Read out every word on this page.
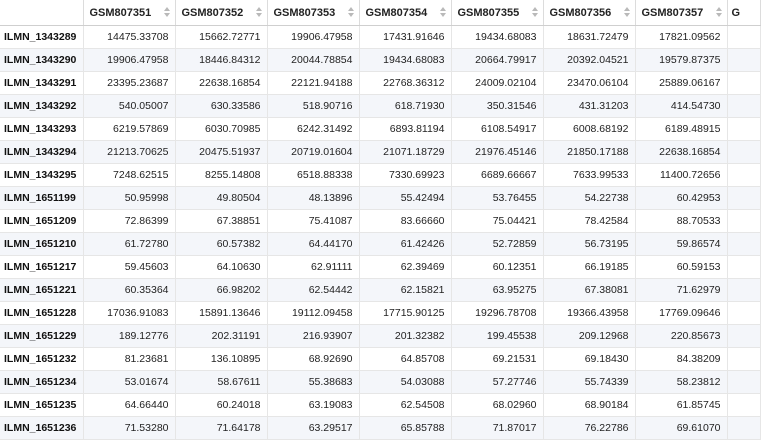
	GSM807351	GSM807352	GSM807353	GSM807354	GSM807355	GSM807356	GSM807357	G
ILMN_1343289	14475.33708	15662.72771	19906.47958	17431.91646	19434.68083	18631.72479	17821.09562	
ILMN_1343290	19906.47958	18446.84312	20044.78854	19434.68083	20664.79917	20392.04521	19579.87375	
ILMN_1343291	23395.23687	22638.16854	22121.94188	22768.36312	24009.02104	23470.06104	25889.06167	
ILMN_1343292	540.05007	630.33586	518.90716	618.71930	350.31546	431.31203	414.54730	
ILMN_1343293	6219.57869	6030.70985	6242.31492	6893.81194	6108.54917	6008.68192	6189.48915	
ILMN_1343294	21213.70625	20475.51937	20719.01604	21071.18729	21976.45146	21850.17188	22638.16854	
ILMN_1343295	7248.62515	8255.14808	6518.88338	7330.69923	6689.66667	7633.99533	11400.72656	
ILMN_1651199	50.95998	49.80504	48.13896	55.42494	53.76455	54.22738	60.42953	
ILMN_1651209	72.86399	67.38851	75.41087	83.66660	75.04421	78.42584	88.70533	
ILMN_1651210	61.72780	60.57382	64.44170	61.42426	52.72859	56.73195	59.86574	
ILMN_1651217	59.45603	64.10630	62.91111	62.39469	60.12351	66.19185	60.59153	
ILMN_1651221	60.35364	66.98202	62.54442	62.15821	63.95275	67.38081	71.62979	
ILMN_1651228	17036.91083	15891.13646	19112.09458	17715.90125	19296.78708	19366.43958	17769.09646	
ILMN_1651229	189.12776	202.31191	216.93907	201.32382	199.45538	209.12968	220.85673	
ILMN_1651232	81.23681	136.10895	68.92690	64.85708	69.21531	69.18430	84.38209	
ILMN_1651234	53.01674	58.67611	55.38683	54.03088	57.27746	55.74339	58.23812	
ILMN_1651235	64.66440	60.24018	63.19083	62.54508	68.02960	68.90184	61.85745	
ILMN_1651236	71.53280	71.64178	63.29517	65.85788	71.87017	76.22786	69.61070	
